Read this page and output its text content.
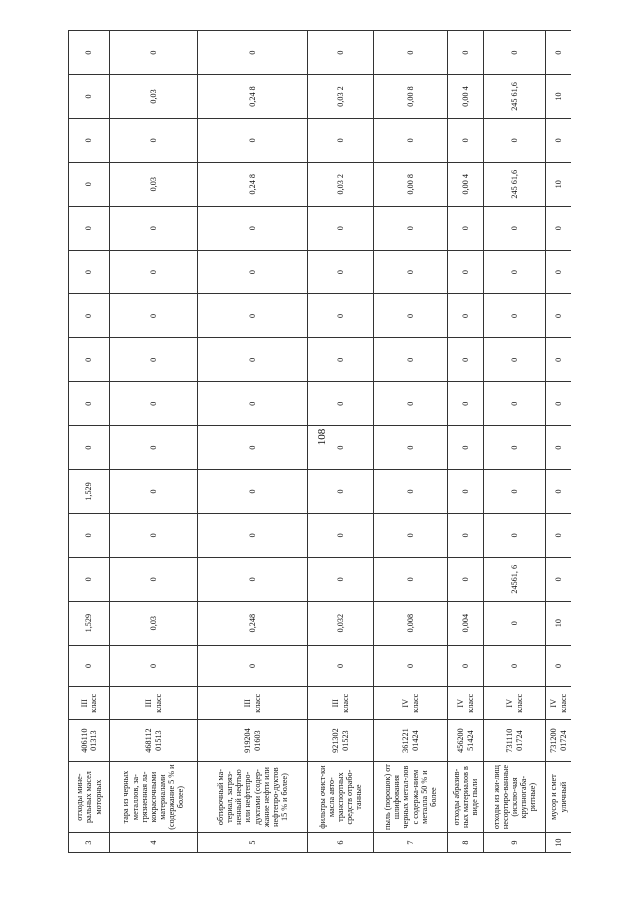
108
3	отходы мине-ральных масел моторных	406110 01313	III класс	0	1,529	0	0	1,529	0	0	0	0	0	0	0	0	0	0
4	тара из черных металлов, за-грязненная ла-кокрасочными материалами (содержание 5 % и более)	468112 01513	III класс	0	0,03	0	0	0	0	0	0	0	0	0	0,03	0	0,03	0
5	обтирочный ма-териал, загряз-ненный нефтью или нефтепро-дуктами (содер-жание нефти или нефтепро-дуктов 15 % и более)	919204 01603	III класс	0	0,248	0	0	0	0	0	0	0	0	0	0,24 8	0	0,24 8	0
6	фильтры очист-ки масла авто-транспортных средств отрабо-танные	921302 01523	III класс	0	0,032	0	0	0	0	0	0	0	0	0	0,03 2	0	0,03 2	0
7	пыль (порошок) от шлифования черных метал-лов с содержа-нием металла 50 % и более	361221 01424	IV класс	0	0,008	0	0	0	0	0	0	0	0	0	0,00 8	0	0,00 8	0
8	отходы абразив-ных материалов в виде пыли	456200 51424	IV класс	0	0,004	0	0	0	0	0	0	0	0	0	0,00 4	0	0,00 4	0
9	отходы из жи-лищ несортиро-ванные (исклю-чая крупногаба-ритные)	731110 01724	IV класс	0	0	24561, 6	0	0	0	0	0	0	0	0	245 61,6	0	245 61,6	0
10	мусор и смет уличный	731200 01724	IV класс	0	10	0	0	0	0	0	0	0	0	0	10	0	10	0
